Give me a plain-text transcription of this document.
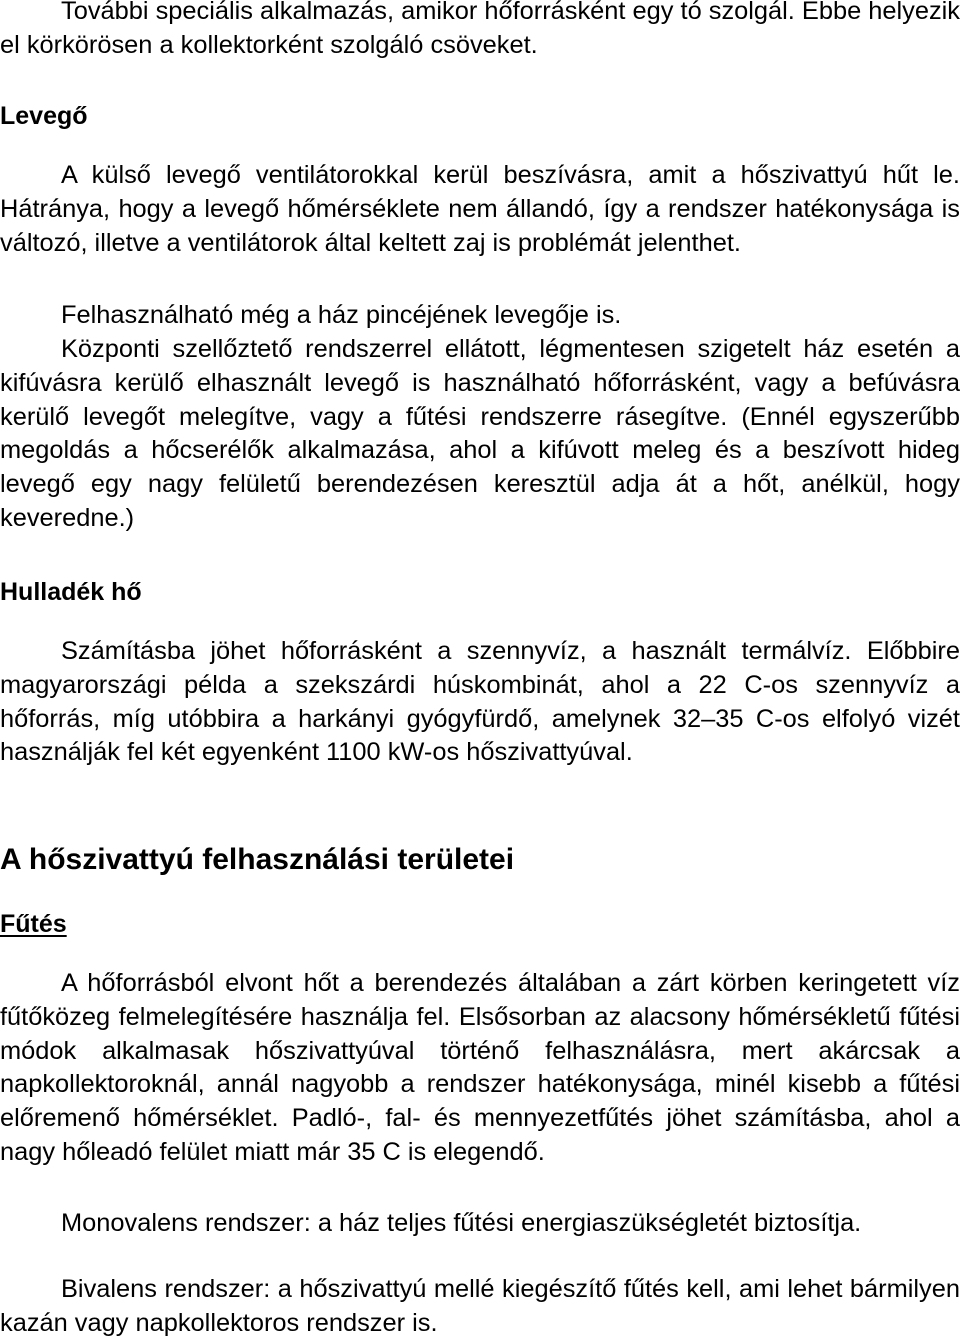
További speciális alkalmazás, amikor hőforrásként egy tó szolgál. Ebbe helyezik el körkörösen a kollektorként szolgáló csöveket.
Levegő
A külső levegő ventilátorokkal kerül beszívásra, amit a hőszivattyú hűt le. Hátránya, hogy a levegő hőmérséklete nem állandó, így a rendszer hatékonysága is változó, illetve a ventilátorok által keltett zaj is problémát jelenthet.
Felhasználható még a ház pincéjének levegője is.
Központi szellőztető rendszerrel ellátott, légmentesen szigetelt ház esetén a kifúvásra kerülő elhasznált levegő is használható hőforrásként, vagy a befúvásra kerülő levegőt melegítve, vagy a fűtési rendszerre rásegítve. (Ennél egyszerűbb megoldás a hőcserélők alkalmazása, ahol a kifúvott meleg és a beszívott hideg levegő egy nagy felületű berendezésen keresztül adja át a hőt, anélkül, hogy keveredne.)
Hulladék hő
Számításba jöhet hőforrásként a szennyvíz, a használt termálvíz. Előbbire magyarországi példa a szekszárdi húskombinát, ahol a 22 C-os szennyvíz a hőforrás, míg utóbbira a harkányi gyógyfürdő, amelynek 32–35 C-os elfolyó vizét használják fel két egyenként 1100 kW-os hőszivattyúval.
A hőszivattyú felhasználási területei
Fűtés
A hőforrásból elvont hőt a berendezés általában a zárt körben keringetett víz fűtőközeg felmelegítésére használja fel. Elsősorban az alacsony hőmérsékletű fűtési módok alkalmasak hőszivattyúval történő felhasználásra, mert akárcsak a napkollektoroknál, annál nagyobb a rendszer hatékonysága, minél kisebb a fűtési előremenő hőmérséklet. Padló-, fal- és mennyezetfűtés jöhet számításba, ahol a nagy hőleadó felület miatt már 35 C is elegendő.
Monovalens rendszer: a ház teljes fűtési energiaszükségletét biztosítja.
Bivalens rendszer: a hőszivattyú mellé kiegészítő fűtés kell, ami lehet bármilyen kazán vagy napkollektoros rendszer is.
